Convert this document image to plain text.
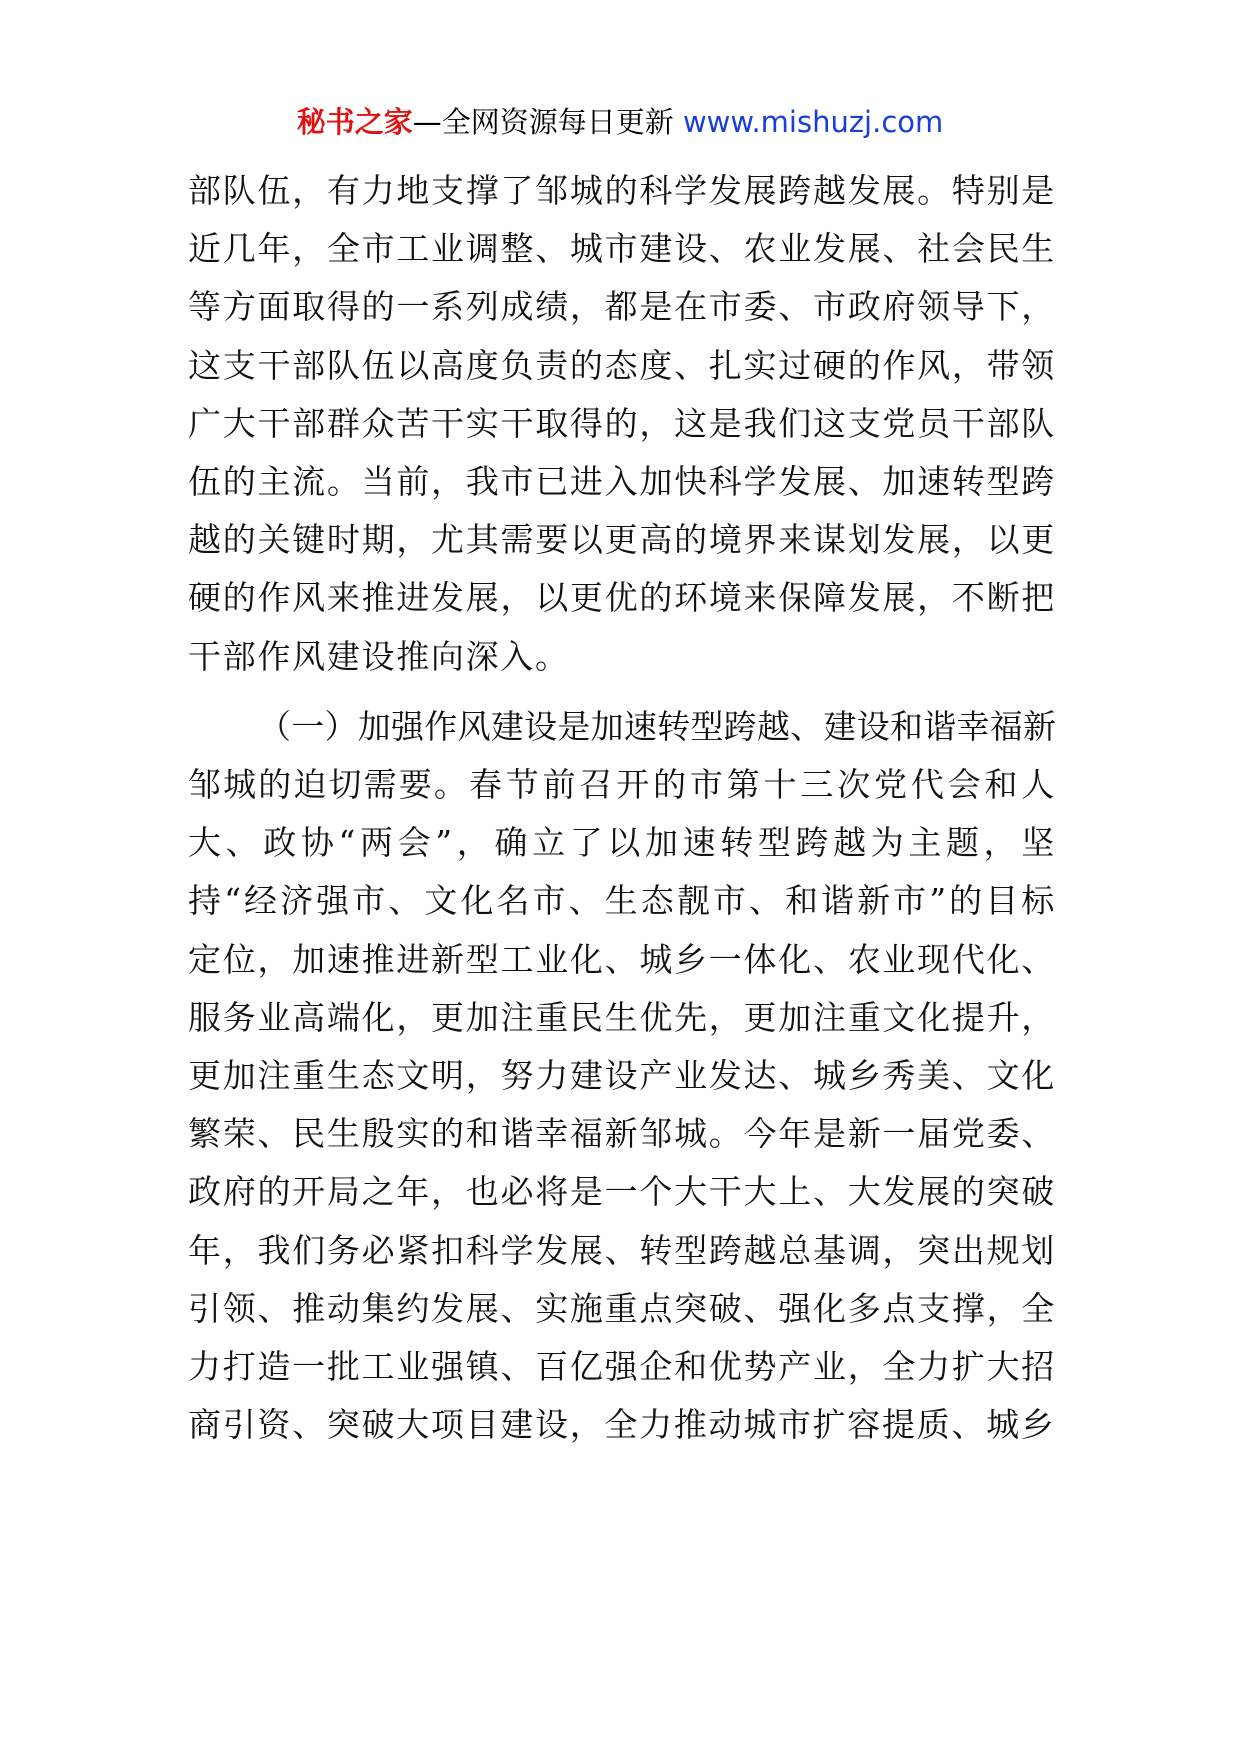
秘书之家—全网资源每日更新 www.mishuzj.com

部队伍，有力地支撑了邹城的科学发展跨越发展。特别是近几年，全市工业调整、城市建设、农业发展、社会民生等方面取得的一系列成绩，都是在市委、市政府领导下，这支干部队伍以高度负责的态度、扎实过硬的作风，带领广大干部群众苦干实干取得的，这是我们这支党员干部队伍的主流。当前，我市已进入加快科学发展、加速转型跨越的关键时期，尤其需要以更高的境界来谋划发展，以更硬的作风来推进发展，以更优的环境来保障发展，不断把干部作风建设推向深入。

（一）加强作风建设是加速转型跨越、建设和谐幸福新邹城的迫切需要。春节前召开的市第十三次党代会和人大、政协“两会”，确立了以加速转型跨越为主题，坚持“经济强市、文化名市、生态靓市、和谐新市”的目标定位，加速推进新型工业化、城乡一体化、农业现代化、服务业高端化，更加注重民生优先，更加注重文化提升，更加注重生态文明，努力建设产业发达、城乡秀美、文化繁荣、民生殷实的和谐幸福新邹城。今年是新一届党委、政府的开局之年，也必将是一个大干大上、大发展的突破年，我们务必紧扣科学发展、转型跨越总基调，突出规划引领、推动集约发展、实施重点突破、强化多点支撑，全力打造一批工业强镇、百亿强企和优势产业，全力扩大招商引资、突破大项目建设，全力推动城市扩容提质、城乡
